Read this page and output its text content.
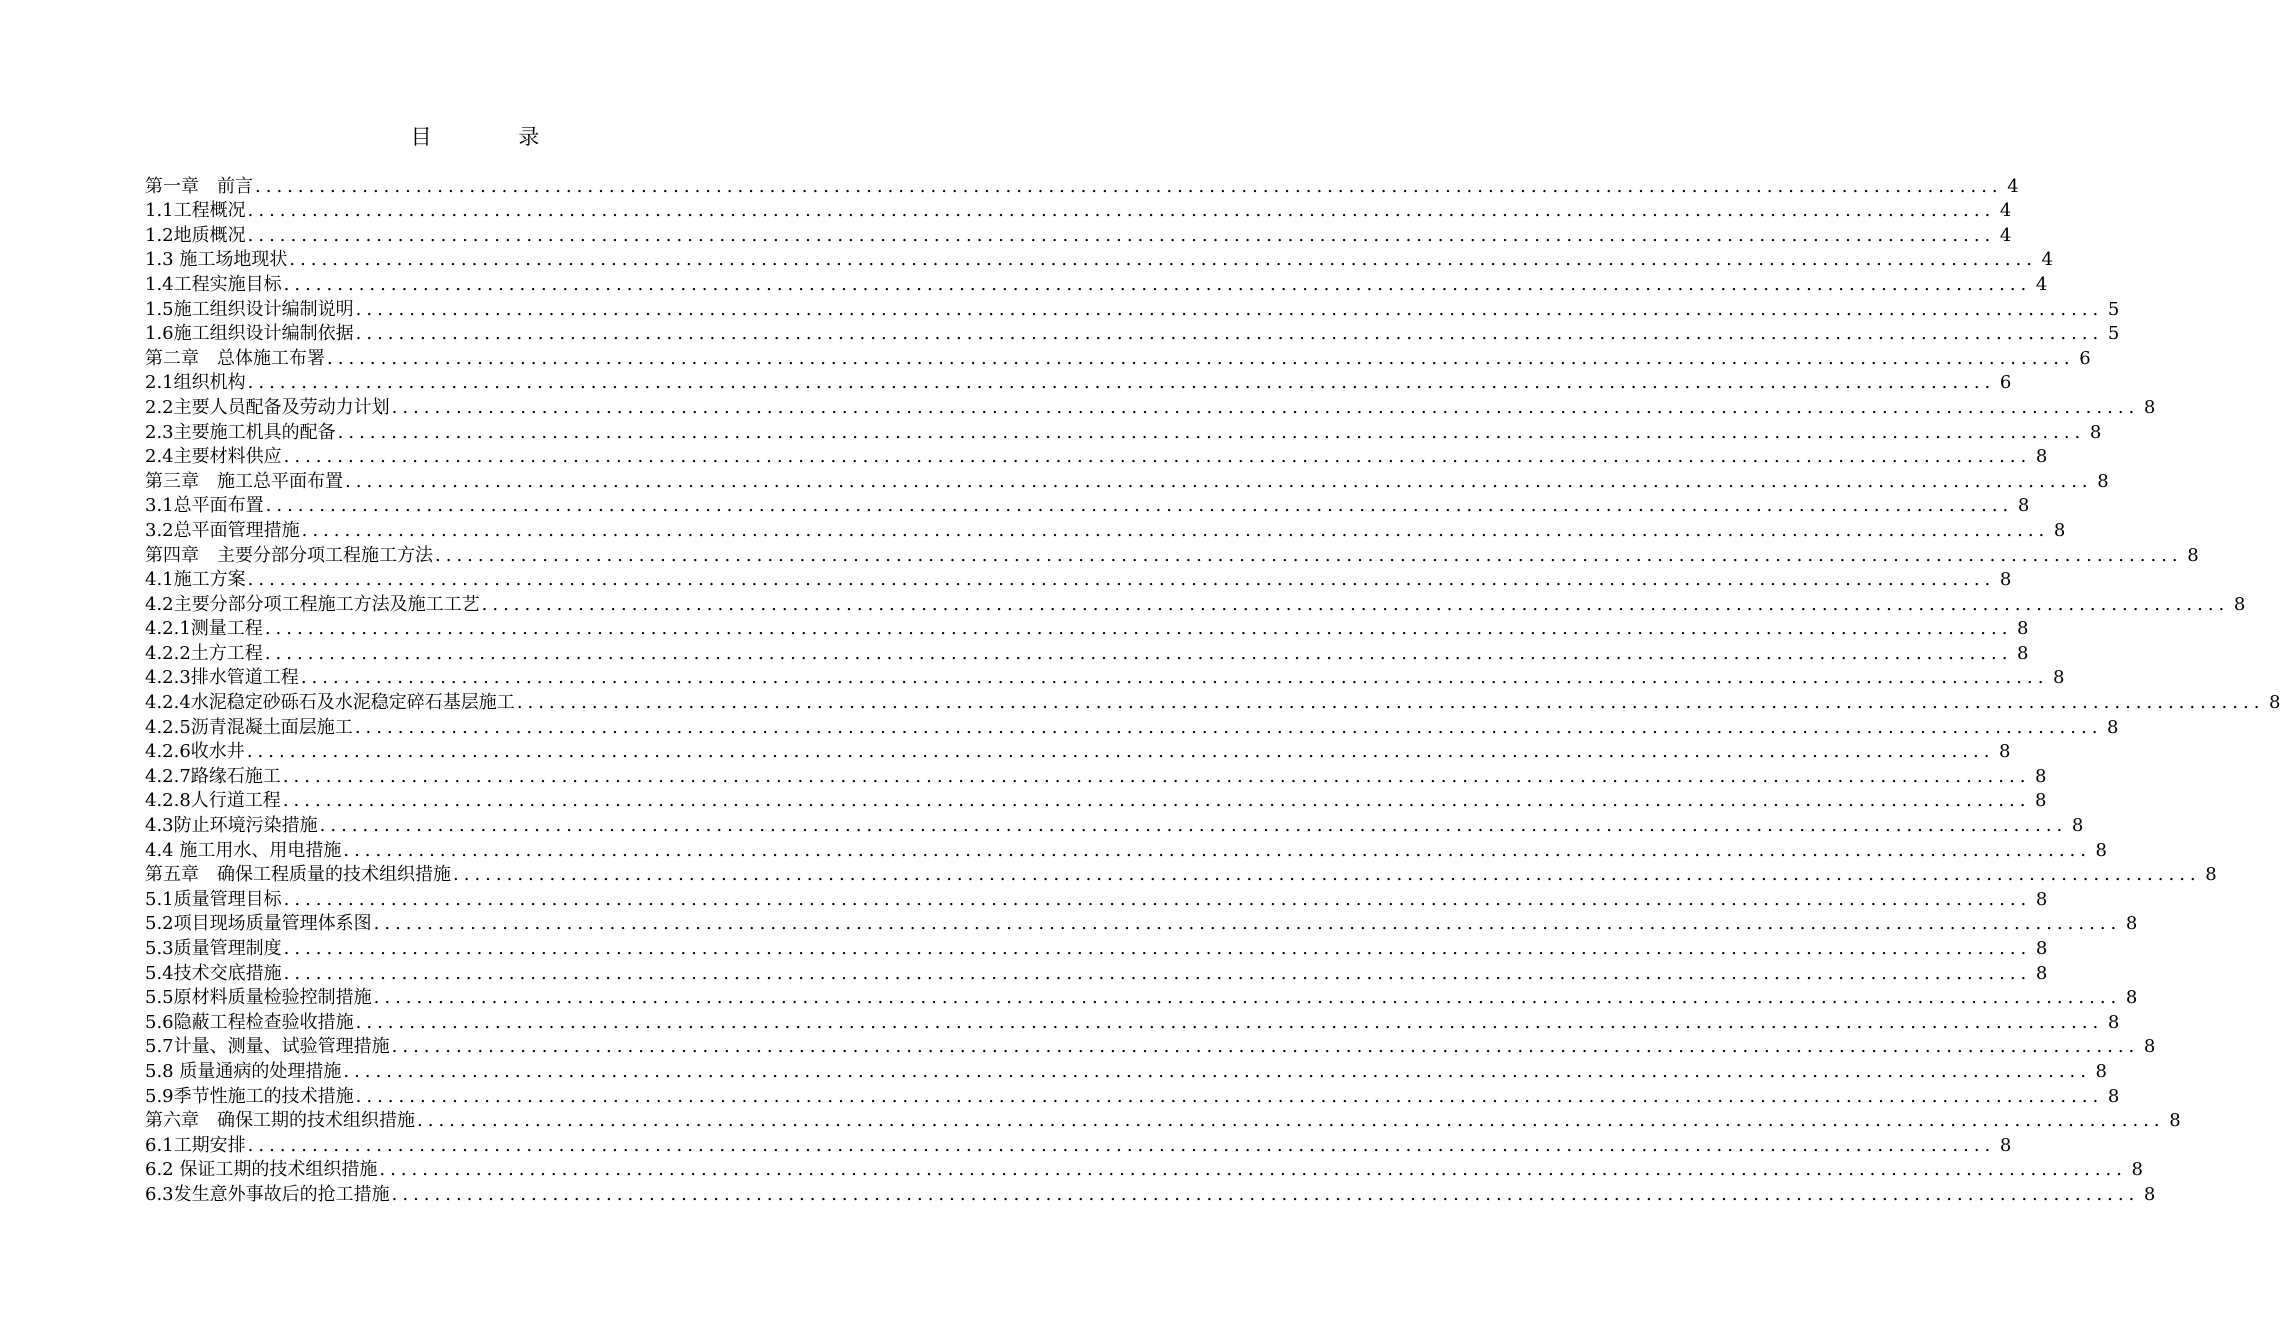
目 录
第一章　前言 ................................................................................................................................................................... 4
1.1工程概况 ................................................................................................................................................................... 4
1.2地质概况 ................................................................................................................................................................... 4
1.3 施工场地现状 ................................................................................................................................................................... 4
1.4工程实施目标 ................................................................................................................................................................... 4
1.5施工组织设计编制说明 ................................................................................................................................................................... 5
1.6施工组织设计编制依据 ................................................................................................................................................................... 5
第二章　总体施工布署 ................................................................................................................................................................... 6
2.1组织机构 ................................................................................................................................................................... 6
2.2主要人员配备及劳动力计划 ................................................................................................................................................................... 8
2.3主要施工机具的配备 ................................................................................................................................................................... 8
2.4主要材料供应 ................................................................................................................................................................... 8
第三章　施工总平面布置 ................................................................................................................................................................... 8
3.1总平面布置 ................................................................................................................................................................... 8
3.2总平面管理措施 ................................................................................................................................................................... 8
第四章　主要分部分项工程施工方法 ................................................................................................................................................................... 8
4.1施工方案 ................................................................................................................................................................... 8
4.2主要分部分项工程施工方法及施工工艺 ................................................................................................................................................................... 8
4.2.1测量工程 ................................................................................................................................................................... 8
4.2.2土方工程 ................................................................................................................................................................... 8
4.2.3排水管道工程 ................................................................................................................................................................... 8
4.2.4水泥稳定砂砾石及水泥稳定碎石基层施工 ................................................................................................................................................................... 8
4.2.5沥青混凝土面层施工 ................................................................................................................................................................... 8
4.2.6收水井 ................................................................................................................................................................... 8
4.2.7路缘石施工 ................................................................................................................................................................... 8
4.2.8人行道工程 ................................................................................................................................................................... 8
4.3防止环境污染措施 ................................................................................................................................................................... 8
4.4 施工用水、用电措施 ................................................................................................................................................................... 8
第五章　确保工程质量的技术组织措施 ................................................................................................................................................................... 8
5.1质量管理目标 ................................................................................................................................................................... 8
5.2项目现场质量管理体系图 ................................................................................................................................................................... 8
5.3质量管理制度 ................................................................................................................................................................... 8
5.4技术交底措施 ................................................................................................................................................................... 8
5.5原材料质量检验控制措施 ................................................................................................................................................................... 8
5.6隐蔽工程检查验收措施 ................................................................................................................................................................... 8
5.7计量、测量、试验管理措施 ................................................................................................................................................................... 8
5.8 质量通病的处理措施 ................................................................................................................................................................... 8
5.9季节性施工的技术措施 ................................................................................................................................................................... 8
第六章　确保工期的技术组织措施 ................................................................................................................................................................... 8
6.1工期安排 ................................................................................................................................................................... 8
6.2 保证工期的技术组织措施 ................................................................................................................................................................... 8
6.3发生意外事故后的抢工措施 ................................................................................................................................................................... 8
